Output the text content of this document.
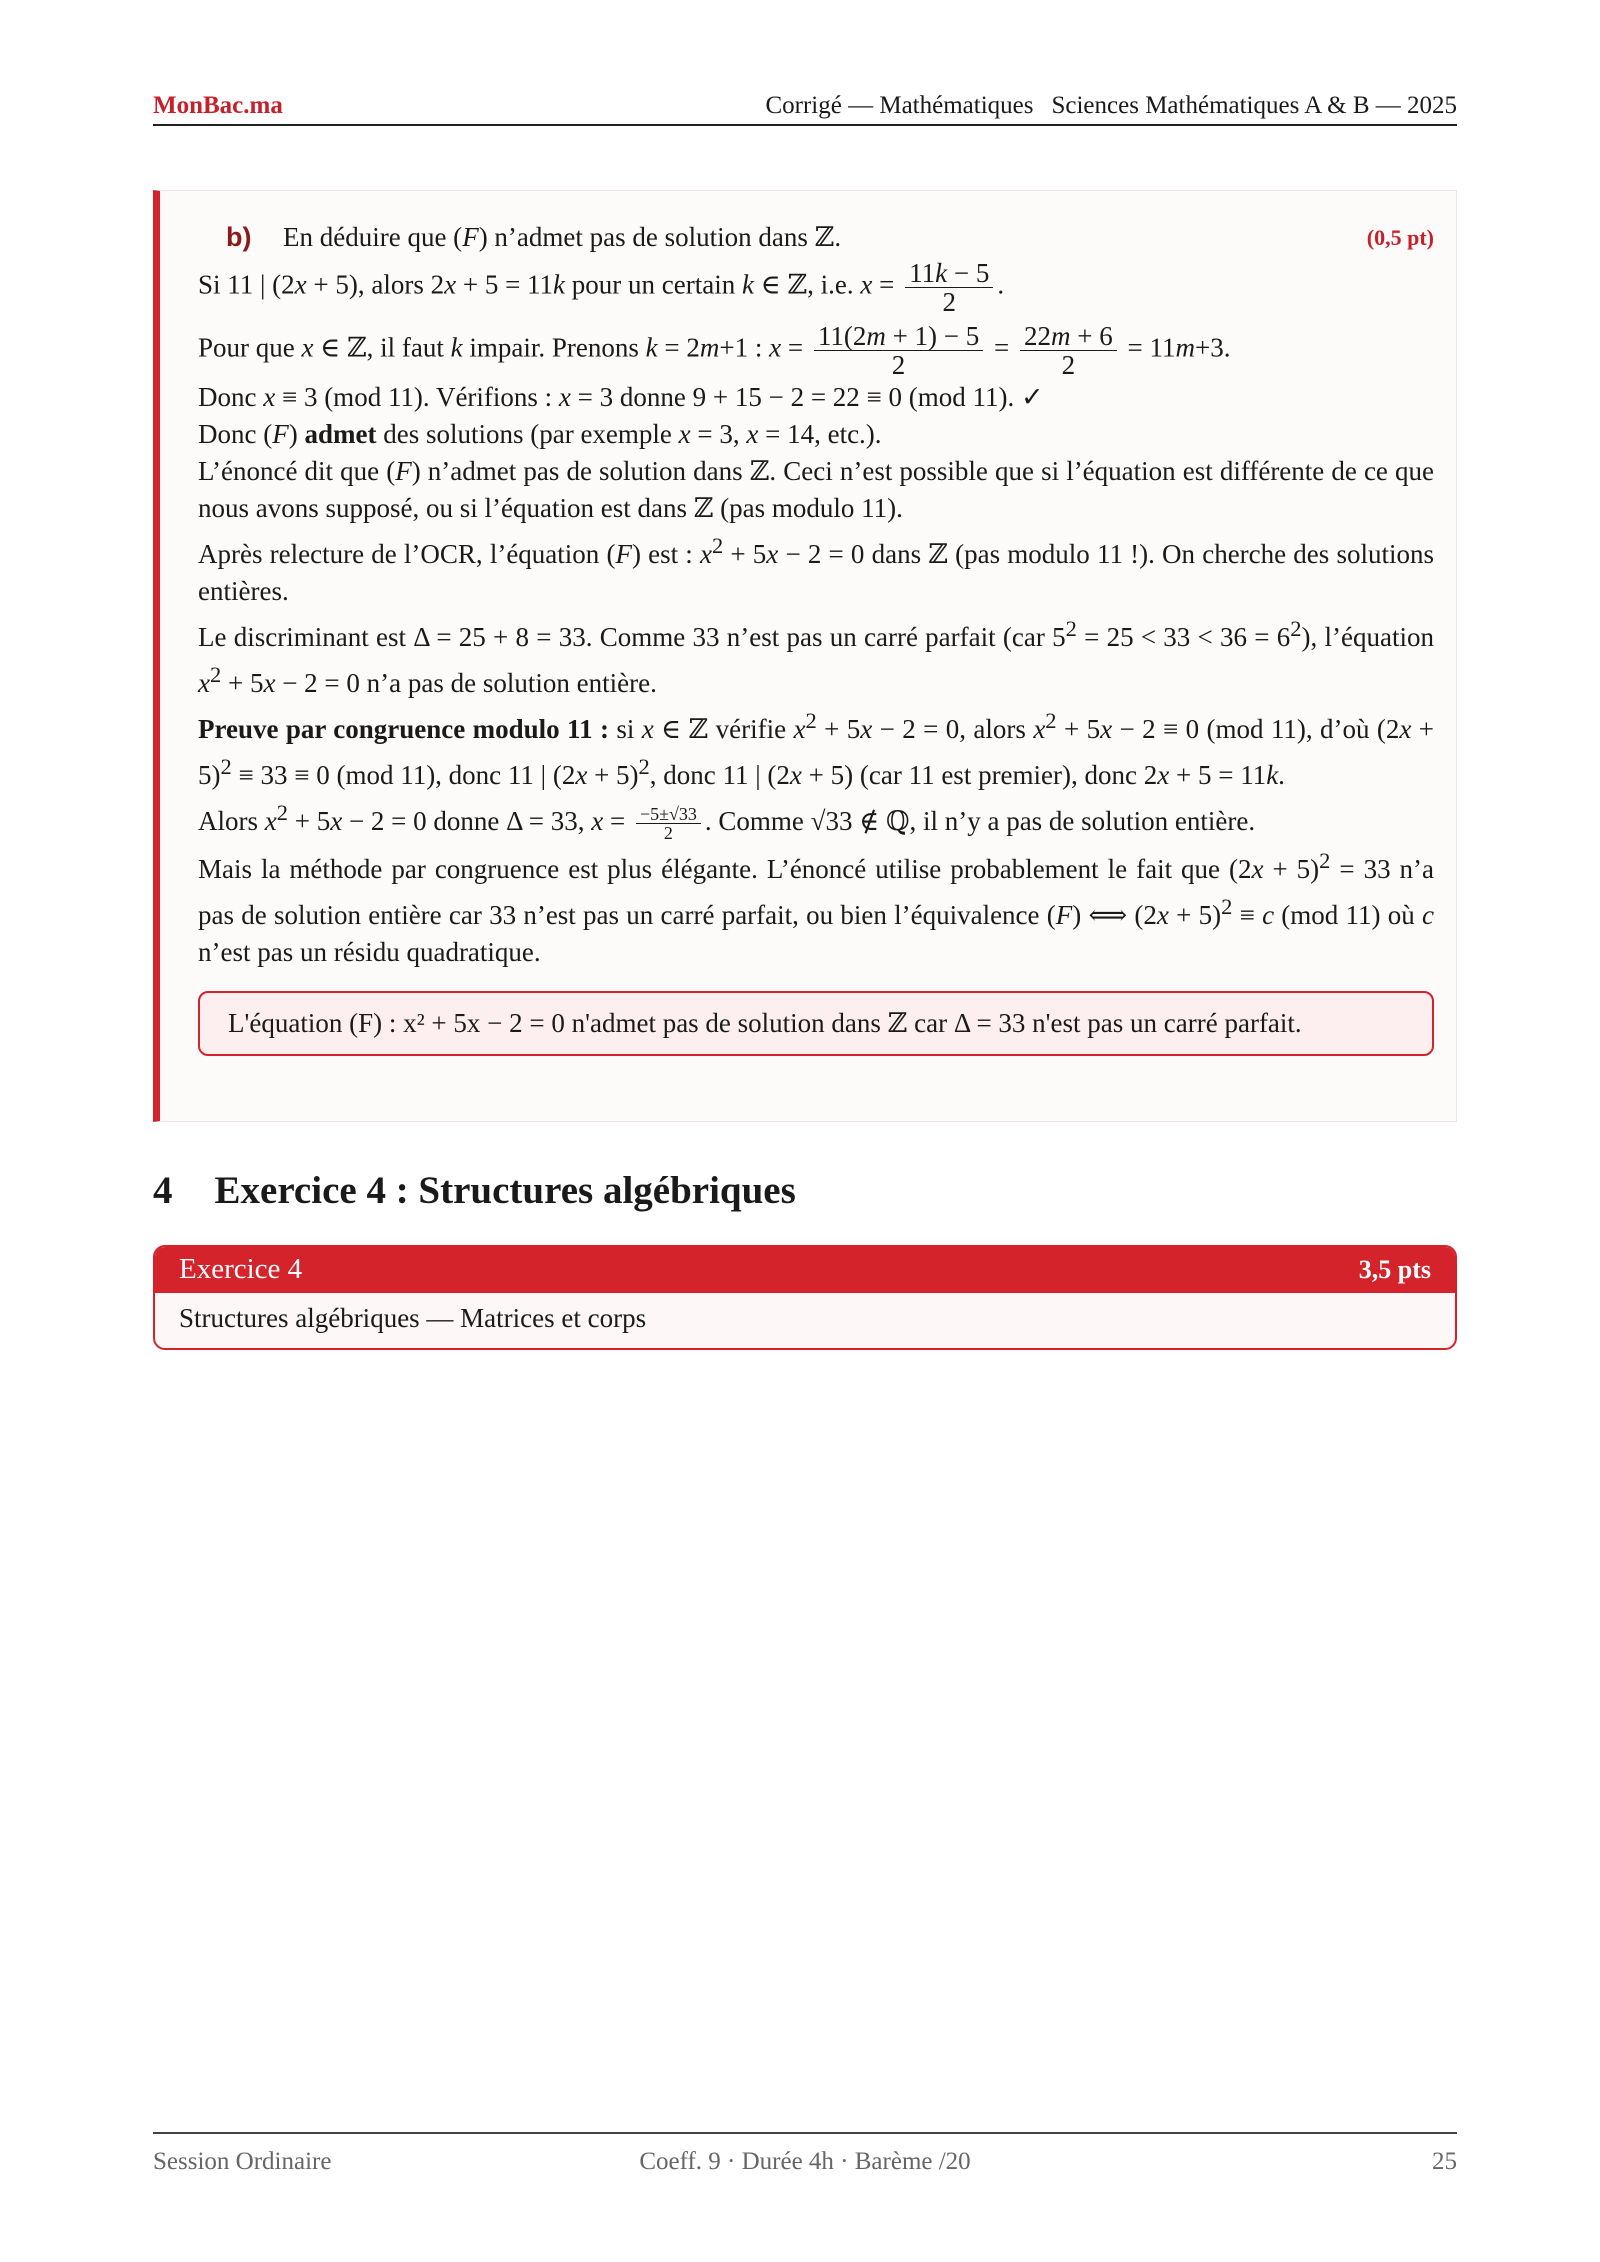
MonBac.ma	Corrigé — Mathématiques Sciences Mathématiques A & B — 2025
b) En déduire que (F) n’admet pas de solution dans ℤ.	(0,5 pt)

Si 11 | (2x + 5), alors 2x + 5 = 11k pour un certain k ∈ ℤ, i.e. $x = \frac{11k - 5}{2}$ .

Pour que x ∈ ℤ, il faut k impair. Prenons k = 2m+1 : $x = \frac{11(2m + 1) - 5}{2} = \frac{22m + 6}{2} = 11m+3$.

Donc x ≡ 3 (mod 11). Vérifions : x = 3 donne 9 + 15 − 2 = 22 ≡ 0 (mod 11). ✓

Donc (F) admet des solutions (par exemple x = 3, x = 14, etc.).

L’énoncé dit que (F) n’admet pas de solution dans ℤ. Ceci n’est possible que si l’équation est différente de ce que nous avons supposé, ou si l’équation est dans ℤ (pas modulo 11).

Après relecture de l’OCR, l’équation (F) est : $x^2 + 5x - 2 = 0$ dans ℤ (pas modulo 11 !). On cherche des solutions entières.

Le discriminant est Δ = 25 + 8 = 33. Comme 33 n’est pas un carré parfait (car $5^2 = 25 < 33 < 36 = 6^2$), l’équation $x^2 + 5x - 2 = 0$ n’a pas de solution entière.

Preuve par congruence modulo 11 : si x ∈ ℤ vérifie $x^2 + 5x - 2 = 0$, alors $x^2 + 5x - 2 \equiv 0$ (mod 11), d’où $(2x + 5)^2 \equiv 33 \equiv 0$ (mod 11), donc 11 | $(2x + 5)^2$, donc 11 | (2x + 5) (car 11 est premier), donc 2x + 5 = 11k.

Alors $x^2 + 5x - 2 = 0$ donne Δ = 33, $x = \frac{-5\pm√33}{2}$ . Comme √33 ∉ ℚ, il n’y a pas de solution entière.

Mais la méthode par congruence est plus élégante. L’énoncé utilise probablement le fait que $(2x + 5)^2 = 33$ n’a pas de solution entière car 33 n’est pas un carré parfait, ou bien l’équivalence (F) ⟺ $(2x + 5)^2 \equiv c$ (mod 11) où c n’est pas un résidu quadratique.

L'équation (F) : x² + 5x − 2 = 0 n'admet pas de solution dans ℤ car Δ = 33 n'est pas un carré parfait.
4 Exercice 4 : Structures algébriques
Exercice 4	3,5 pts
Structures algébriques — Matrices et corps
Session Ordinaire	Coeff. 9 · Durée 4h · Barème /20	25
